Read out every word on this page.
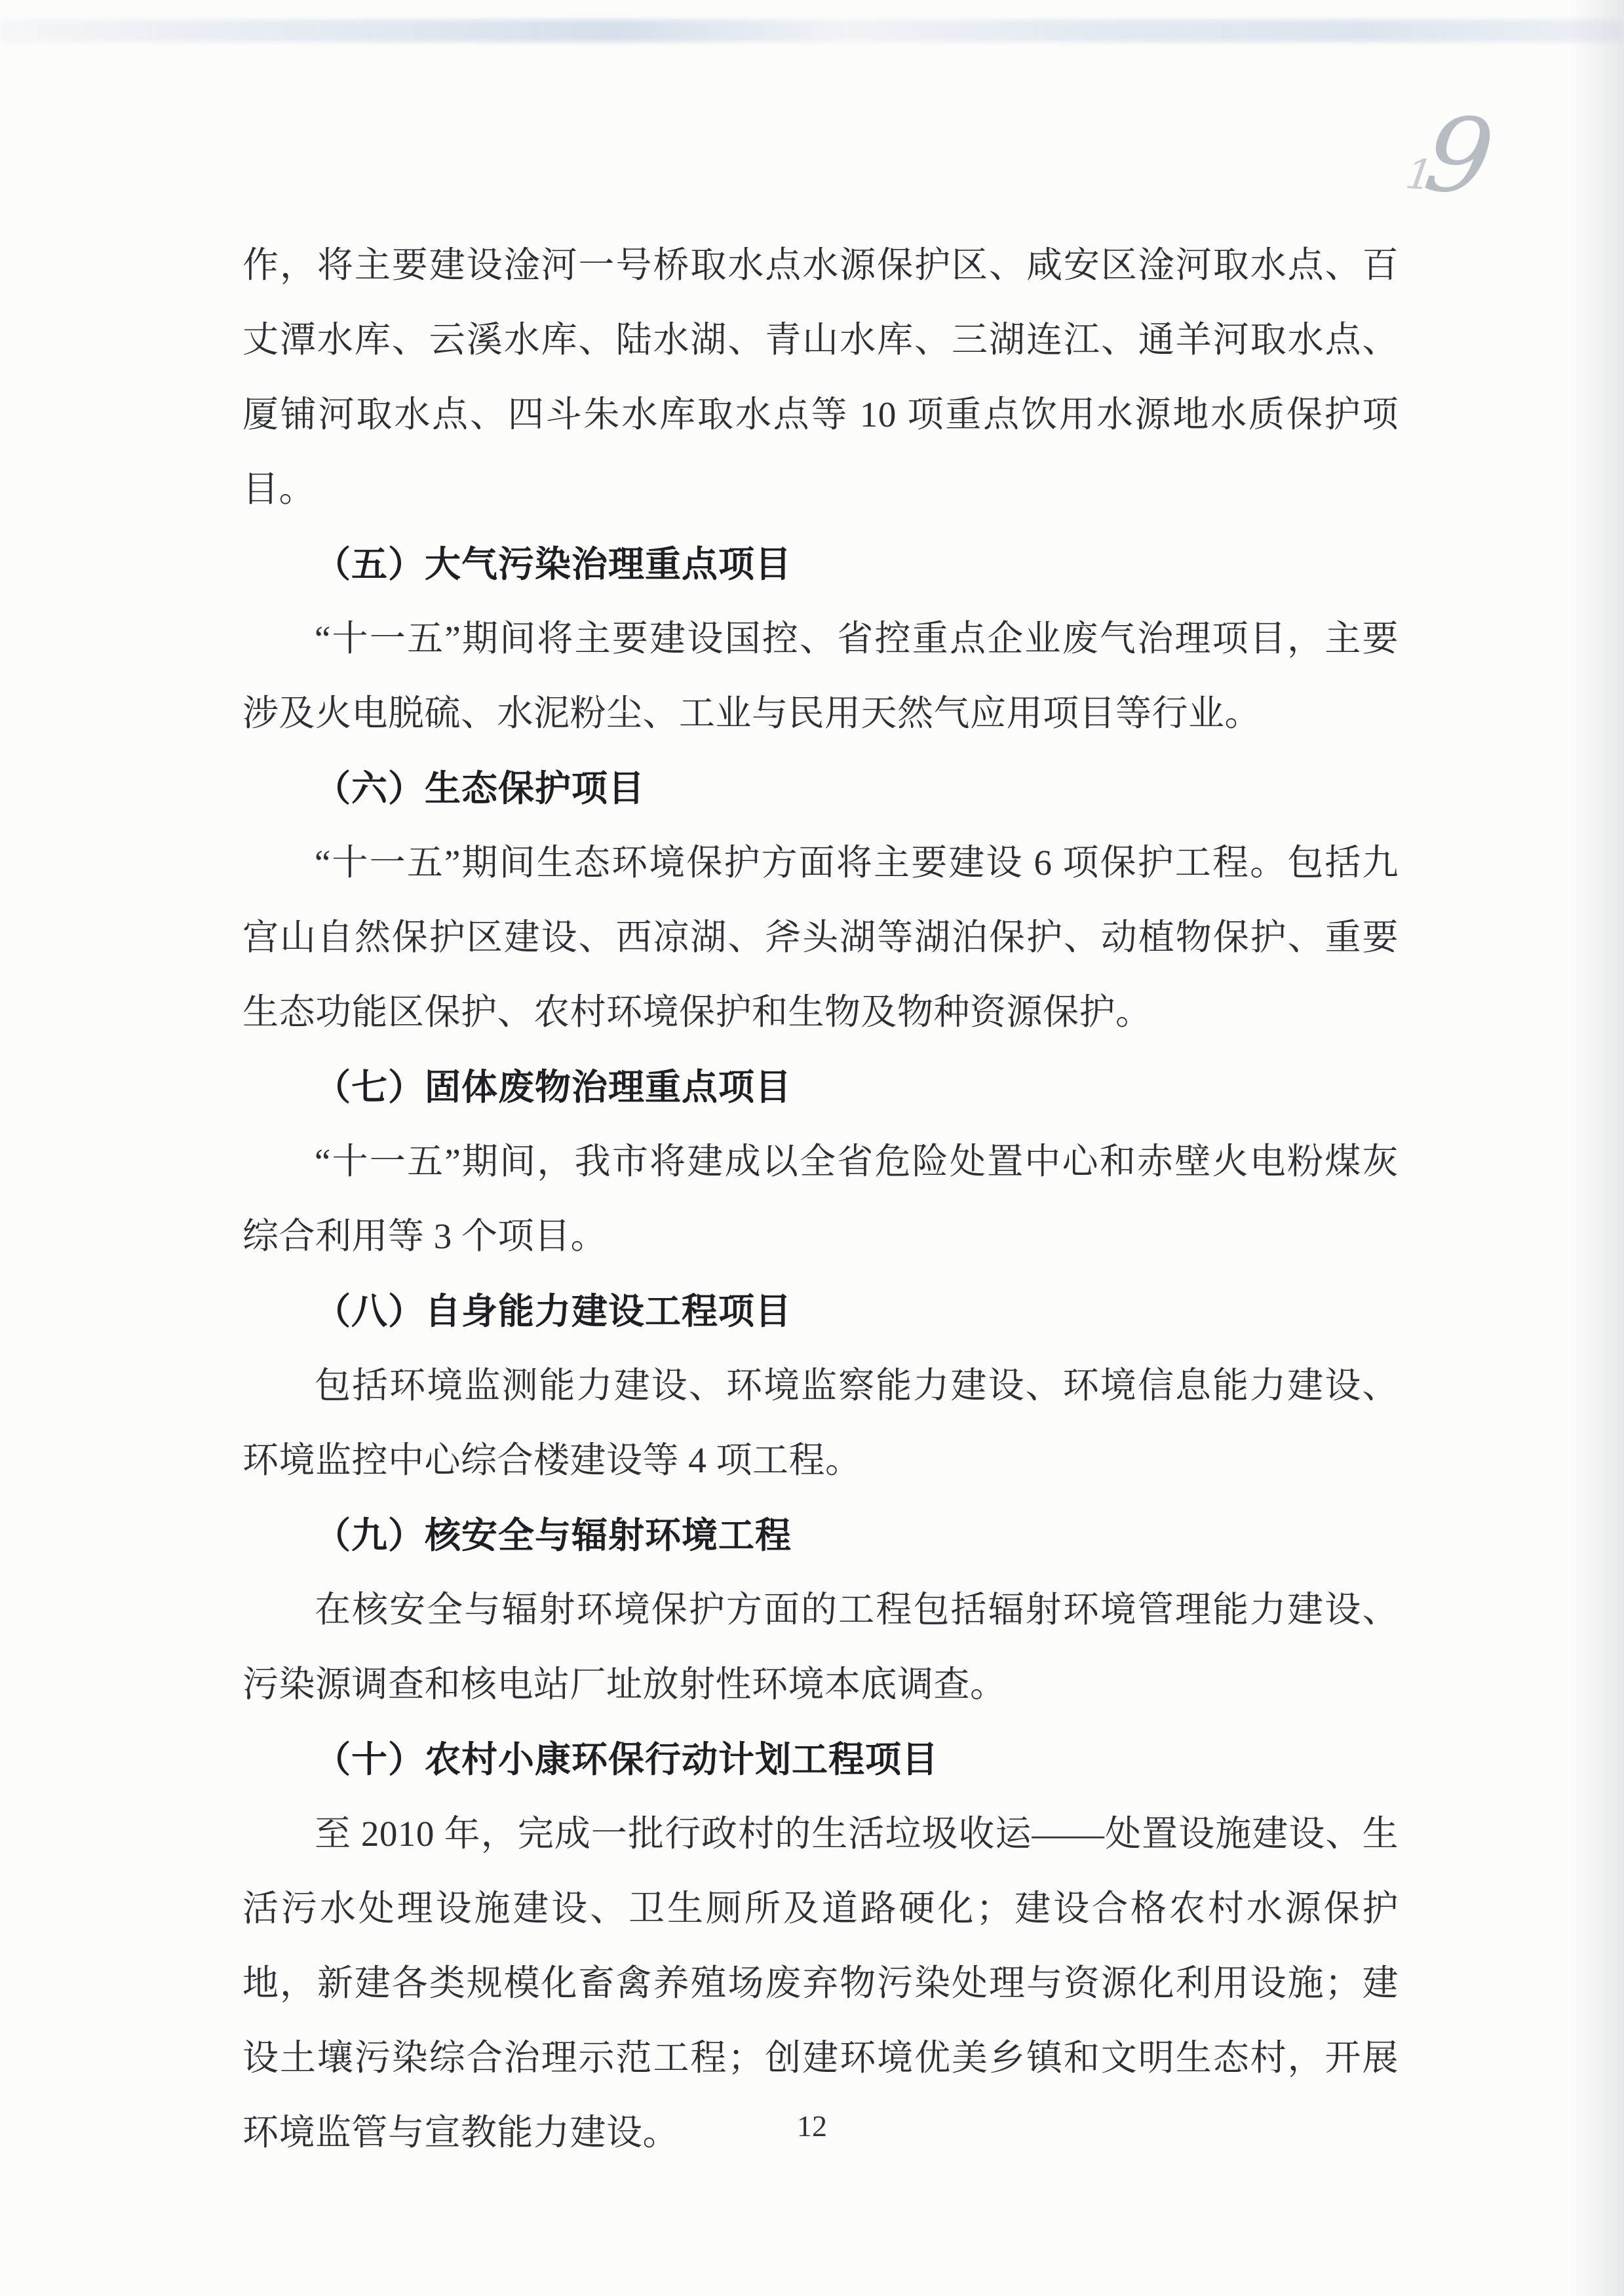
19

作，将主要建设淦河一号桥取水点水源保护区、咸安区淦河取水点、百丈潭水库、云溪水库、陆水湖、青山水库、三湖连江、通羊河取水点、厦铺河取水点、四斗朱水库取水点等 10 项重点饮用水源地水质保护项目。

（五）大气污染治理重点项目

“十一五”期间将主要建设国控、省控重点企业废气治理项目，主要涉及火电脱硫、水泥粉尘、工业与民用天然气应用项目等行业。

（六）生态保护项目

“十一五”期间生态环境保护方面将主要建设 6 项保护工程。包括九宫山自然保护区建设、西凉湖、斧头湖等湖泊保护、动植物保护、重要生态功能区保护、农村环境保护和生物及物种资源保护。

（七）固体废物治理重点项目

“十一五”期间，我市将建成以全省危险处置中心和赤壁火电粉煤灰综合利用等 3 个项目。

（八）自身能力建设工程项目

包括环境监测能力建设、环境监察能力建设、环境信息能力建设、环境监控中心综合楼建设等 4 项工程。

（九）核安全与辐射环境工程

在核安全与辐射环境保护方面的工程包括辐射环境管理能力建设、污染源调查和核电站厂址放射性环境本底调查。

（十）农村小康环保行动计划工程项目

至 2010 年，完成一批行政村的生活垃圾收运——处置设施建设、生活污水处理设施建设、卫生厕所及道路硬化；建设合格农村水源保护地，新建各类规模化畜禽养殖场废弃物污染处理与资源化利用设施；建设土壤污染综合治理示范工程；创建环境优美乡镇和文明生态村，开展环境监管与宣教能力建设。	12
